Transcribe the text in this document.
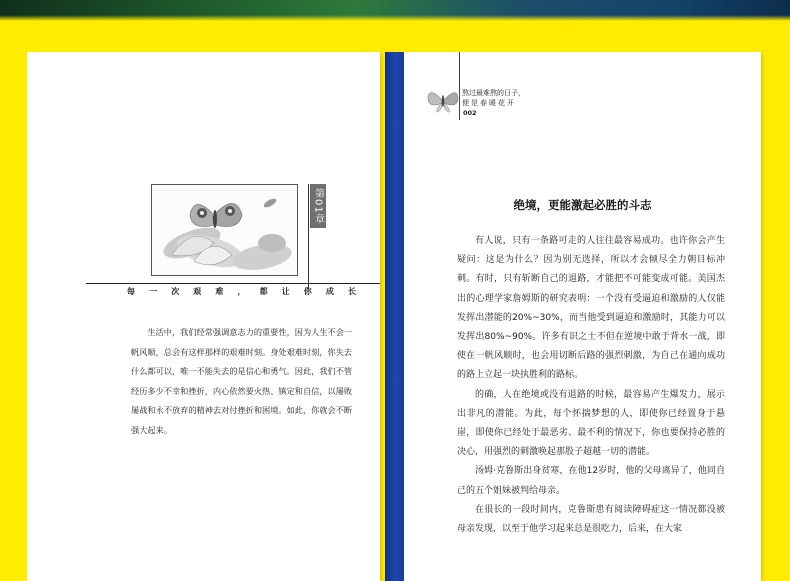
第01章
每一次艰难，都让你成长

生活中，我们经常强调意志力的重要性，因为人生不会一帆风顺，总会有这样那样的艰难时刻。身处艰难时刻，你失去什么都可以，唯一不能失去的是信心和勇气。因此，我们不管经历多少不幸和挫折，内心依然要火热、镇定和自信，以屡败屡战和永不放弃的精神去对付挫折和困境。如此，你就会不断强大起来。

熬过最难熬的日子，
便是春暖花开
002
绝境，更能激起必胜的斗志

有人说，只有一条路可走的人往往最容易成功。也许你会产生疑问：这是为什么？因为别无选择，所以才会倾尽全力朝目标冲刺。有时，只有斩断自己的退路，才能把不可能变成可能。美国杰出的心理学家詹姆斯的研究表明：一个没有受逼迫和激励的人仅能发挥出潜能的20%~30%，而当他受到逼迫和激励时，其能力可以发挥出80%~90%。许多有识之士不但在逆境中敢于背水一战，即使在一帆风顺时，也会用切断后路的强烈刺激，为自己在通向成功的路上立起一块执胜利的路标。

的确，人在绝境或没有退路的时候，最容易产生爆发力，展示出非凡的潜能。为此，每个怀揣梦想的人，即使你已经置身于悬崖，即使你已经处于最恶劣、最不利的情况下，你也要保持必胜的决心，用强烈的刺激唤起那股子超越一切的潜能。

汤姆·克鲁斯出身贫寒，在他12岁时，他的父母离异了，他同自己的五个姐妹被判给母亲。

在很长的一段时间内，克鲁斯患有阅读障碍症这一情况都没被母亲发现，以至于他学习起来总是很吃力，后来，在大家
